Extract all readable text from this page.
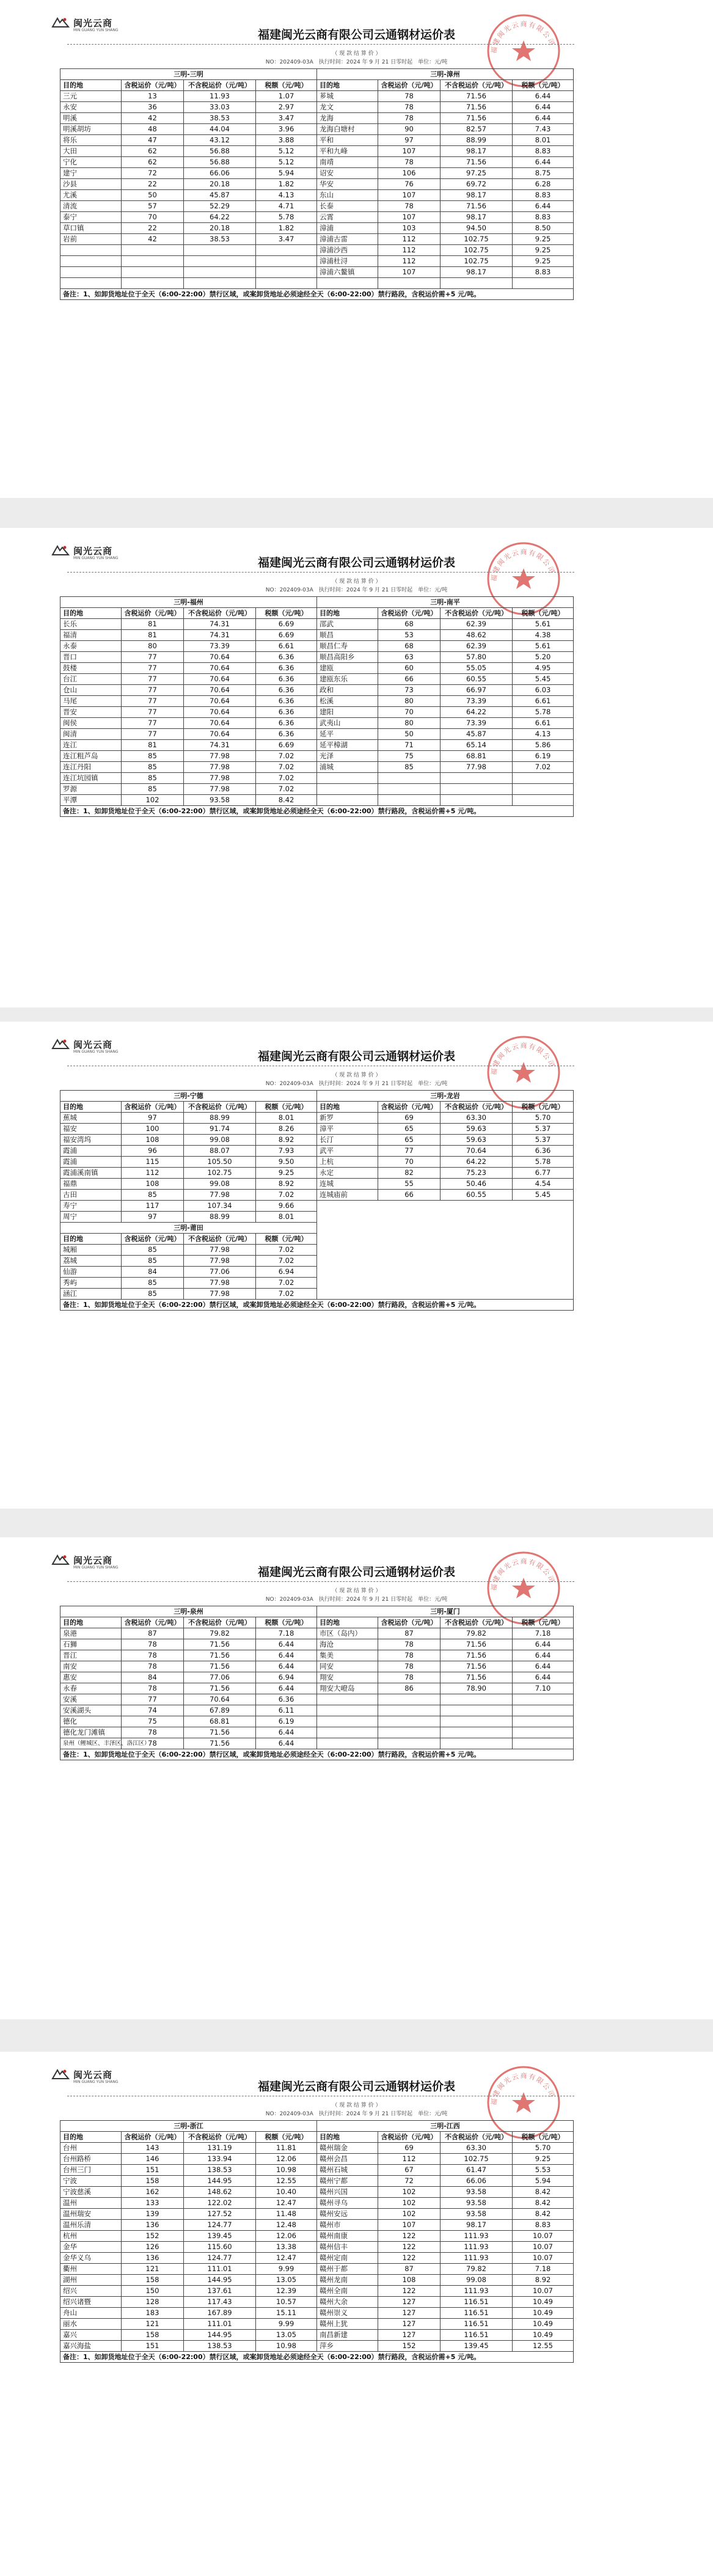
闽光云商
MIN GUANG YUN SHANG
福建闽光云商有限公司
福建闽光云商有限公司云通钢材运价表
（ 现 款 结 算 价 ）
NO：202409-03A　执行时间：2024 年 9 月 21 日零时起　单位：元/吨
三明-三明				三明-漳州			
目的地	含税运价（元/吨）	不含税运价（元/吨）	税额（元/吨）	目的地	含税运价（元/吨）	不含税运价（元/吨）	税额（元/吨）
三元	13	11.93	1.07	芗城	78	71.56	6.44
永安	36	33.03	2.97	龙文	78	71.56	6.44
明溪	42	38.53	3.47	龙海	78	71.56	6.44
明溪胡坊	48	44.04	3.96	龙海白塘村	90	82.57	7.43
将乐	47	43.12	3.88	平和	97	88.99	8.01
大田	62	56.88	5.12	平和九峰	107	98.17	8.83
宁化	62	56.88	5.12	南靖	78	71.56	6.44
建宁	72	66.06	5.94	诏安	106	97.25	8.75
沙县	22	20.18	1.82	华安	76	69.72	6.28
尤溪	50	45.87	4.13	东山	107	98.17	8.83
清流	57	52.29	4.71	长泰	78	71.56	6.44
泰宁	70	64.22	5.78	云霄	107	98.17	8.83
草口镇	22	20.18	1.82	漳浦	103	94.50	8.50
岩前	42	38.53	3.47	漳浦古雷	112	102.75	9.25
				漳浦沙西	112	102.75	9.25
				漳浦杜浔	112	102.75	9.25
				漳浦六鳌镇	107	98.17	8.83

备注：1、如卸货地址位于全天（6:00-22:00）禁行区域，或案卸货地址必须途经全天（6:00-22:00）禁行路段，含税运价需+5 元/吨。							
闽光云商
MIN GUANG YUN SHANG
福建闽光云商有限公司
福建闽光云商有限公司云通钢材运价表
（ 现 款 结 算 价 ）
NO：202409-03A　执行时间：2024 年 9 月 21 日零时起　单位：元/吨
三明-福州				三明-南平			
目的地	含税运价（元/吨）	不含税运价（元/吨）	税额（元/吨）	目的地	含税运价（元/吨）	不含税运价（元/吨）	税额（元/吨）
长乐	81	74.31	6.69	邵武	68	62.39	5.61
福清	81	74.31	6.69	顺昌	53	48.62	4.38
永泰	80	73.39	6.61	顺昌仁寿	68	62.39	5.61
晋口	77	70.64	6.36	顺昌高阳乡	63	57.80	5.20
鼓楼	77	70.64	6.36	建瓯	60	55.05	4.95
台江	77	70.64	6.36	建瓯东乐	66	60.55	5.45
仓山	77	70.64	6.36	政和	73	66.97	6.03
马尾	77	70.64	6.36	松溪	80	73.39	6.61
晋安	77	70.64	6.36	建阳	70	64.22	5.78
闽侯	77	70.64	6.36	武夷山	80	73.39	6.61
闽清	77	70.64	6.36	延平	50	45.87	4.13
连江	81	74.31	6.69	延平樟湖	71	65.14	5.86
连江粗芦岛	85	77.98	7.02	光泽	75	68.81	6.19
连江丹阳	85	77.98	7.02	浦城	85	77.98	7.02
连江坑园镇	85	77.98	7.02				
罗源	85	77.98	7.02				
平潭	102	93.58	8.42				
备注：1、如卸货地址位于全天（6:00-22:00）禁行区域，或案卸货地址必须途经全天（6:00-22:00）禁行路段，含税运价需+5 元/吨。							
闽光云商
MIN GUANG YUN SHANG
福建闽光云商有限公司
福建闽光云商有限公司云通钢材运价表
（ 现 款 结 算 价 ）
NO：202409-03A　执行时间：2024 年 9 月 21 日零时起　单位：元/吨
三明-宁德				三明-龙岩			
目的地	含税运价（元/吨）	不含税运价（元/吨）	税额（元/吨）	目的地	含税运价（元/吨）	不含税运价（元/吨）	税额（元/吨）
蕉城	97	88.99	8.01	新罗	69	63.30	5.70
福安	100	91.74	8.26	漳平	65	59.63	5.37
福安湾坞	108	99.08	8.92	长汀	65	59.63	5.37
霞浦	96	88.07	7.93	武平	77	70.64	6.36
霞浦	115	105.50	9.50	上杭	70	64.22	5.78
霞浦溪南镇	112	102.75	9.25	永定	82	75.23	6.77
福鼎	108	99.08	8.92	连城	55	50.46	4.54
古田	85	77.98	7.02	连城庙前	66	60.55	5.45
寿宁	117	107.34	9.66				
周宁	97	88.99	8.01				
三明-莆田							
目的地	含税运价（元/吨）	不含税运价（元/吨）	税额（元/吨）				
城厢	85	77.98	7.02				
荔城	85	77.98	7.02				
仙游	84	77.06	6.94				
秀屿	85	77.98	7.02				
涵江	85	77.98	7.02				
备注：1、如卸货地址位于全天（6:00-22:00）禁行区域，或案卸货地址必须途经全天（6:00-22:00）禁行路段，含税运价需+5 元/吨。							
闽光云商
MIN GUANG YUN SHANG
福建闽光云商有限公司
福建闽光云商有限公司云通钢材运价表
（ 现 款 结 算 价 ）
NO：202409-03A　执行时间：2024 年 9 月 21 日零时起　单位：元/吨
三明-泉州				三明-厦门			
目的地	含税运价（元/吨）	不含税运价（元/吨）	税额（元/吨）	目的地	含税运价（元/吨）	不含税运价（元/吨）	税额（元/吨）
泉港	87	79.82	7.18	市区（岛内）	87	79.82	7.18
石狮	78	71.56	6.44	海沧	78	71.56	6.44
晋江	78	71.56	6.44	集美	78	71.56	6.44
南安	78	71.56	6.44	同安	78	71.56	6.44
惠安	84	77.06	6.94	翔安	78	71.56	6.44
永春	78	71.56	6.44	翔安大嶝岛	86	78.90	7.10
安溪	77	70.64	6.36				
安溪湖头	74	67.89	6.11				
德化	75	68.81	6.19				
德化龙门滩镇	78	71.56	6.44				
泉州（鲤城区、丰泽区、洛江区）	78	71.56	6.44				
备注：1、如卸货地址位于全天（6:00-22:00）禁行区域，或案卸货地址必须途经全天（6:00-22:00）禁行路段，含税运价需+5 元/吨。							
闽光云商
MIN GUANG YUN SHANG
福建闽光云商有限公司
福建闽光云商有限公司云通钢材运价表
（ 现 款 结 算 价 ）
NO：202409-03A　执行时间：2024 年 9 月 21 日零时起　单位：元/吨
三明-浙江				三明-江西			
目的地	含税运价（元/吨）	不含税运价（元/吨）	税额（元/吨）	目的地	含税运价（元/吨）	不含税运价（元/吨）	税额（元/吨）
台州	143	131.19	11.81	赣州瑞金	69	63.30	5.70
台州路桥	146	133.94	12.06	赣州会昌	112	102.75	9.25
台州三门	151	138.53	10.98	赣州石城	67	61.47	5.53
宁波	158	144.95	12.55	赣州宁都	72	66.06	5.94
宁波慈溪	162	148.62	10.40	赣州兴国	102	93.58	8.42
温州	133	122.02	12.47	赣州寻乌	102	93.58	8.42
温州瑞安	139	127.52	11.48	赣州安远	102	93.58	8.42
温州乐清	136	124.77	12.48	赣州市	107	98.17	8.83
杭州	152	139.45	12.06	赣州南康	122	111.93	10.07
金华	126	115.60	13.38	赣州信丰	122	111.93	10.07
金华义乌	136	124.77	12.47	赣州定南	122	111.93	10.07
衢州	121	111.01	9.99	赣州于都	87	79.82	7.18
湖州	158	144.95	13.05	赣州龙南	108	99.08	8.92
绍兴	150	137.61	12.39	赣州全南	122	111.93	10.07
绍兴诸暨	128	117.43	10.57	赣州大余	127	116.51	10.49
舟山	183	167.89	15.11	赣州崇义	127	116.51	10.49
丽水	121	111.01	9.99	赣州上犹	127	116.51	10.49
嘉兴	158	144.95	13.05	南昌新建	127	116.51	10.49
嘉兴海盐	151	138.53	10.98	萍乡	152	139.45	12.55
备注：1、如卸货地址位于全天（6:00-22:00）禁行区域，或案卸货地址必须途经全天（6:00-22:00）禁行路段，含税运价需+5 元/吨。							
